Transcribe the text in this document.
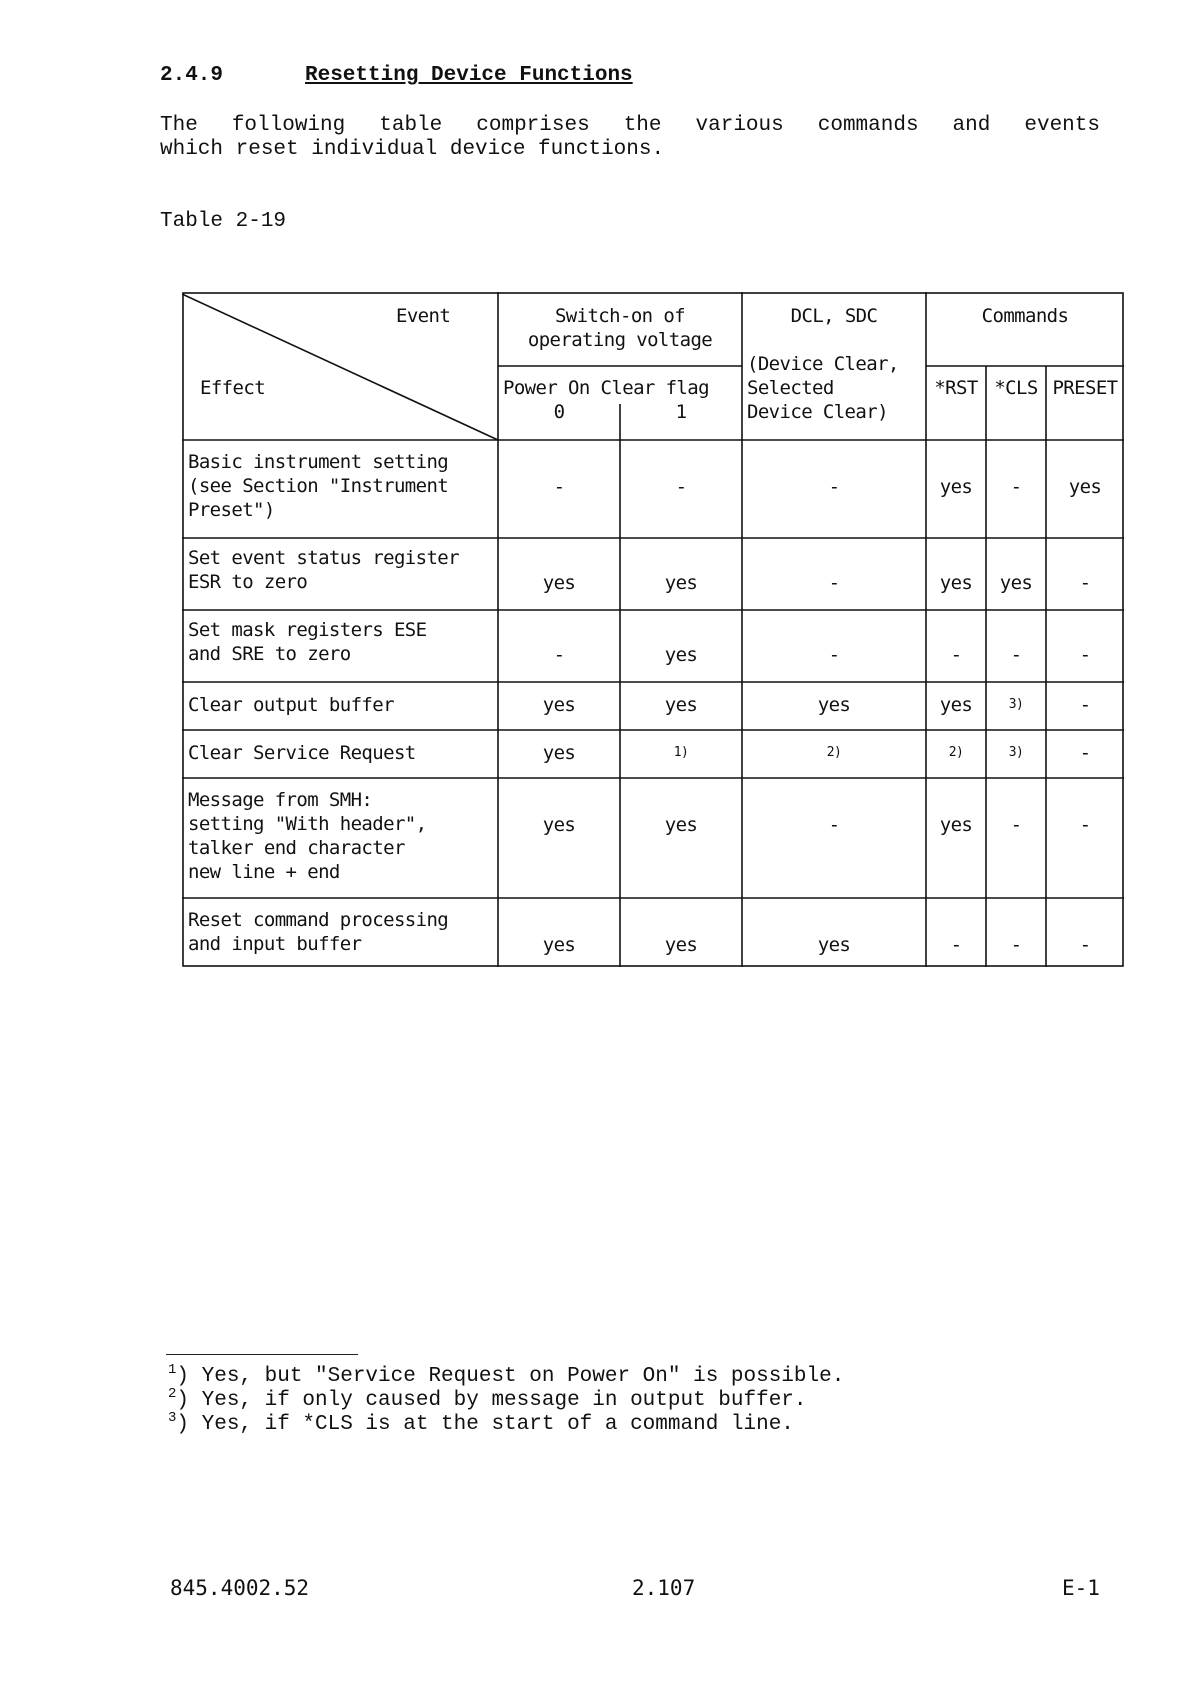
2.4.9	Resetting Device Functions
The following table comprises the various commands and events
which reset individual device functions.
Table 2-19
Event
Effect
Switch-on of
operating voltage
Power On Clear flag
0	1
DCL, SDC
(Device Clear,
Selected
Device Clear)
Commands
*RST *CLS PRESET
Basic instrument setting
(see Section "Instrument
Preset")
-	-	-	yes	-	yes
Set event status register
ESR to zero	yes	yes	-	yes	yes	-
Set mask registers ESE
and SRE to zero	-	yes	-	-	-	-
Clear output buffer	yes	yes	yes	yes	$^{3)}$	-
Clear Service Request	yes	$^{1)}$	$^{2)}$	$^{2)}$	$^{3)}$	-
Message from SMH:
setting "With header",
talker end character
new line + end
yes	yes	-	yes	-	-
Reset command processing
and input buffer	yes	yes	yes	-	-	-
$^1$) Yes, but "Service Request on Power On" is possible.
$^2$) Yes, if only caused by message in output buffer.
$^3$) Yes, if *CLS is at the start of a command line.
845.4002.52	2.107	E-1
